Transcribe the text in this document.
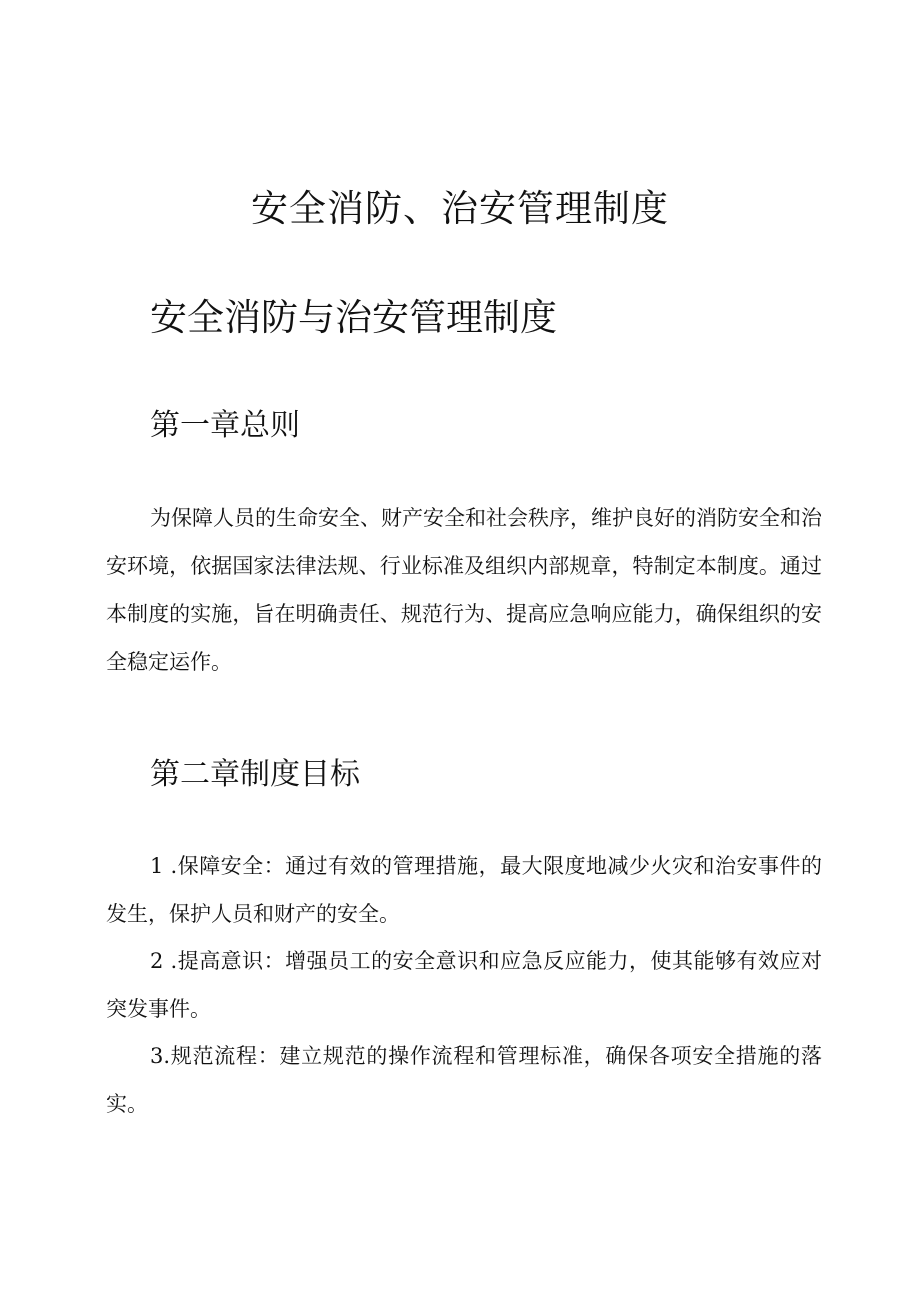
安全消防、治安管理制度
安全消防与治安管理制度
第一章总则

为保障人员的生命安全、财产安全和社会秩序，维护良好的消防安全和治安环境，依据国家法律法规、行业标准及组织内部规章，特制定本制度。通过本制度的实施，旨在明确责任、规范行为、提高应急响应能力，确保组织的安全稳定运作。

第二章制度目标

1 .保障安全：通过有效的管理措施，最大限度地减少火灾和治安事件的发生，保护人员和财产的安全。

2 .提高意识：增强员工的安全意识和应急反应能力，使其能够有效应对突发事件。

3.规范流程：建立规范的操作流程和管理标准，确保各项安全措施的落实。
